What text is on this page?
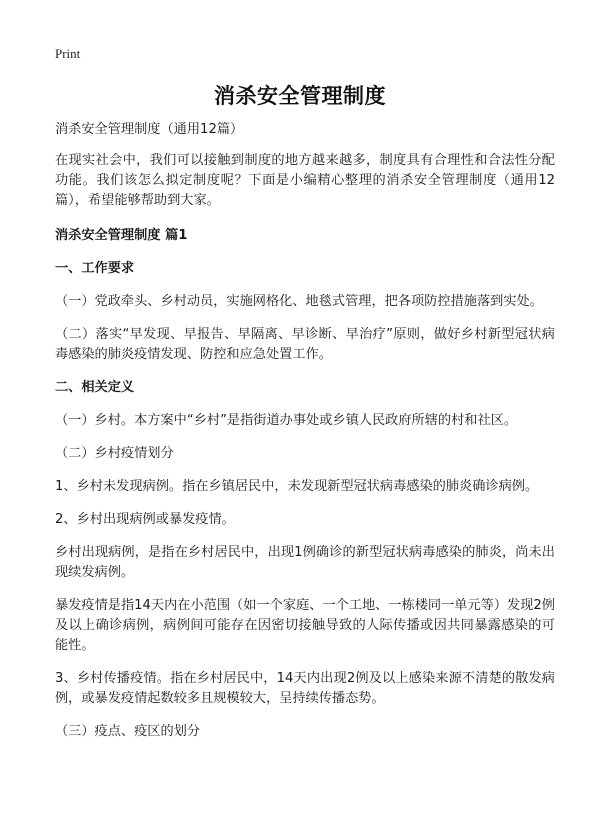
Print
消杀安全管理制度

消杀安全管理制度（通用12篇）

在现实社会中，我们可以接触到制度的地方越来越多，制度具有合理性和合法性分配功能。我们该怎么拟定制度呢？下面是小编精心整理的消杀安全管理制度（通用12篇），希望能够帮助到大家。

消杀安全管理制度 篇1

一、工作要求

（一）党政牵头、乡村动员，实施网格化、地毯式管理，把各项防控措施落到实处。

（二）落实“早发现、早报告、早隔离、早诊断、早治疗”原则，做好乡村新型冠状病毒感染的肺炎疫情发现、防控和应急处置工作。

二、相关定义

（一）乡村。本方案中“乡村”是指街道办事处或乡镇人民政府所辖的村和社区。

（二）乡村疫情划分

1、乡村未发现病例。指在乡镇居民中，未发现新型冠状病毒感染的肺炎确诊病例。

2、乡村出现病例或暴发疫情。

乡村出现病例，是指在乡村居民中，出现1例确诊的新型冠状病毒感染的肺炎，尚未出现续发病例。

暴发疫情是指14天内在小范围（如一个家庭、一个工地、一栋楼同一单元等）发现2例及以上确诊病例，病例间可能存在因密切接触导致的人际传播或因共同暴露感染的可能性。

3、乡村传播疫情。指在乡村居民中，14天内出现2例及以上感染来源不清楚的散发病例，或暴发疫情起数较多且规模较大，呈持续传播态势。

（三）疫点、疫区的划分
